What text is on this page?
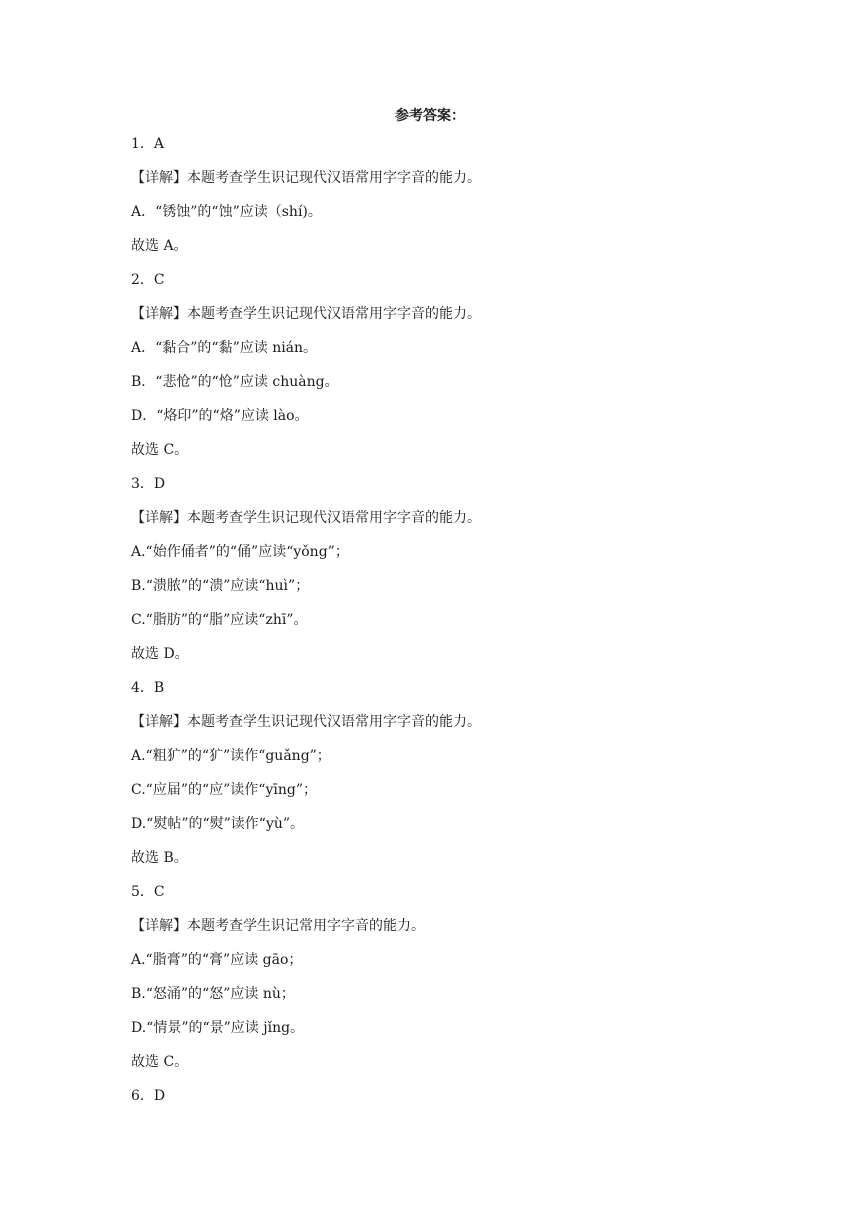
参考答案：
1．A
【详解】本题考查学生识记现代汉语常用字字音的能力。
A．“锈蚀”的“蚀”应读（shí)。
故选 A。
2．C
【详解】本题考查学生识记现代汉语常用字字音的能力。
A．“黏合”的“黏”应读 nián。
B．“悲怆”的“怆”应读 chuàng。
D．“烙印”的“烙”应读 lào。
故选 C。
3．D
【详解】本题考查学生识记现代汉语常用字字音的能力。
A.“始作俑者”的“俑”应读“yǒng”；
B.“溃脓”的“溃”应读“huì”；
C.“脂肪”的“脂”应读“zhī”。
故选 D。
4．B
【详解】本题考查学生识记现代汉语常用字字音的能力。
A.“粗犷”的“犷”读作“guǎng”；
C.“应届”的“应”读作“yīng”；
D.“熨帖”的“熨”读作“yù”。
故选 B。
5．C
【详解】本题考查学生识记常用字字音的能力。
A.“脂膏”的“膏”应读 gāo；
B.“怒涌”的“怒”应读 nù；
D.“情景”的“景”应读 jǐng。
故选 C。
6．D
